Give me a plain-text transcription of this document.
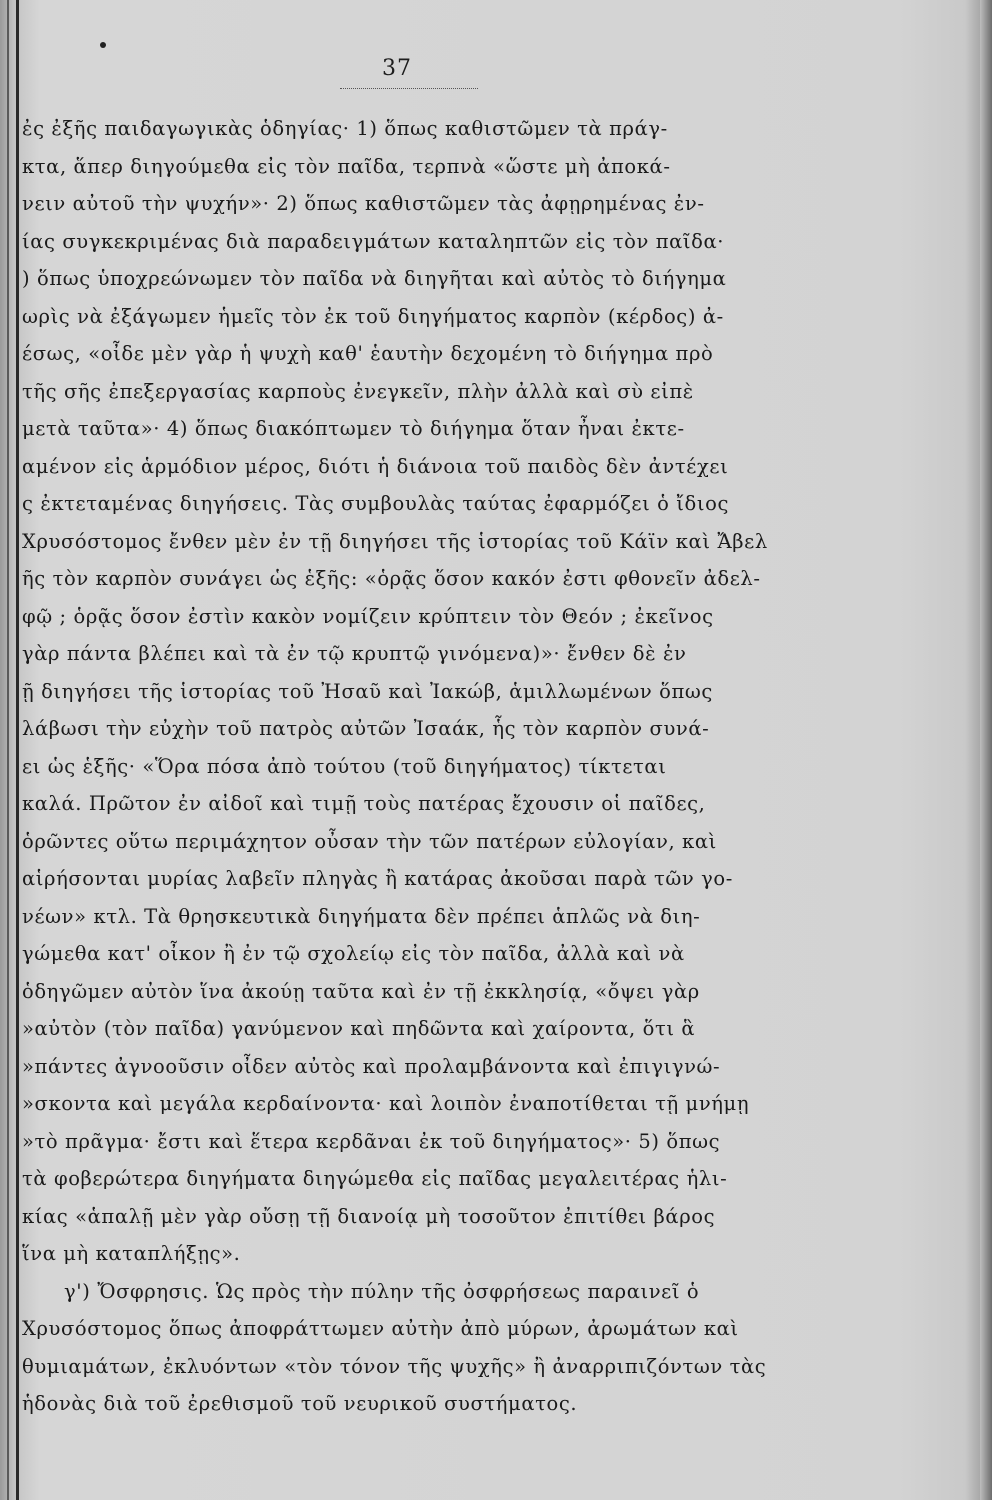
37
ἐς ἐξῆς παιδαγωγικὰς ὁδηγίας· 1) ὅπως καθιστῶμεν τὰ πράγ-
κτα, ἅπερ διηγούμεθα εἰς τὸν παῖδα, τερπνὰ «ὥστε μὴ ἀποκά-
νειν αὐτοῦ τὴν ψυχήν»· 2) ὅπως καθιστῶμεν τὰς ἀφῃρημένας ἐν-
ίας συγκεκριμένας διὰ παραδειγμάτων καταληπτῶν εἰς τὸν παῖδα·
) ὅπως ὑποχρεώνωμεν τὸν παῖδα νὰ διηγῆται καὶ αὐτὸς τὸ διήγημα
ωρὶς νὰ ἐξάγωμεν ἡμεῖς τὸν ἐκ τοῦ διηγήματος καρπὸν (κέρδος) ἀ-
έσως, «οἶδε μὲν γὰρ ἡ ψυχὴ καθ' ἑαυτὴν δεχομένη τὸ διήγημα πρὸ
τῆς σῆς ἐπεξεργασίας καρποὺς ἐνεγκεῖν, πλὴν ἀλλὰ καὶ σὺ εἰπὲ
μετὰ ταῦτα»· 4) ὅπως διακόπτωμεν τὸ διήγημα ὅταν ἦναι ἐκτε-
αμένον εἰς ἁρμόδιον μέρος, διότι ἡ διάνοια τοῦ παιδὸς δὲν ἀντέχει
ς ἐκτεταμένας διηγήσεις. Τὰς συμβουλὰς ταύτας ἐφαρμόζει ὁ ἴδιος
Χρυσόστομος ἔνθεν μὲν ἐν τῇ διηγήσει τῆς ἱστορίας τοῦ Κάϊν καὶ Ἄβελ
ῆς τὸν καρπὸν συνάγει ὡς ἑξῆς: «ὁρᾷς ὅσον κακόν ἐστι φθονεῖν ἀδελ-
φῷ ; ὁρᾷς ὅσον ἐστὶν κακὸν νομίζειν κρύπτειν τὸν Θεόν ; ἐκεῖνος
γὰρ πάντα βλέπει καὶ τὰ ἐν τῷ κρυπτῷ γινόμενα)»· ἔνθεν δὲ ἐν
ῇ διηγήσει τῆς ἱστορίας τοῦ Ἠσαῦ καὶ Ἰακώβ, ἁμιλλωμένων ὅπως
λάβωσι τὴν εὐχὴν τοῦ πατρὸς αὐτῶν Ἰσαάκ, ἧς τὸν καρπὸν συνά-
ει ὡς ἑξῆς· «Ὅρα πόσα ἀπὸ τούτου (τοῦ διηγήματος) τίκτεται
καλά. Πρῶτον ἐν αἰδοῖ καὶ τιμῇ τοὺς πατέρας ἔχουσιν οἱ παῖδες,
ὁρῶντες οὕτω περιμάχητον οὖσαν τὴν τῶν πατέρων εὐλογίαν, καὶ
αἱρήσονται μυρίας λαβεῖν πληγὰς ἢ κατάρας ἀκοῦσαι παρὰ τῶν γο-
νέων» κτλ. Τὰ θρησκευτικὰ διηγήματα δὲν πρέπει ἁπλῶς νὰ διη-
γώμεθα κατ' οἶκον ἢ ἐν τῷ σχολείῳ εἰς τὸν παῖδα, ἀλλὰ καὶ νὰ
ὁδηγῶμεν αὐτὸν ἵνα ἀκούῃ ταῦτα καὶ ἐν τῇ ἐκκλησίᾳ, «ὄψει γὰρ
»αὐτὸν (τὸν παῖδα) γανύμενον καὶ πηδῶντα καὶ χαίροντα, ὅτι ἃ
»πάντες ἀγνοοῦσιν οἶδεν αὐτὸς καὶ προλαμβάνοντα καὶ ἐπιγιγνώ-
»σκοντα καὶ μεγάλα κερδαίνοντα· καὶ λοιπὸν ἐναποτίθεται τῇ μνήμῃ
»τὸ πρᾶγμα· ἔστι καὶ ἕτερα κερδᾶναι ἐκ τοῦ διηγήματος»· 5) ὅπως
τὰ φοβερώτερα διηγήματα διηγώμεθα εἰς παῖδας μεγαλειτέρας ἡλι-
κίας «ἁπαλῇ μὲν γὰρ οὔσῃ τῇ διανοίᾳ μὴ τοσοῦτον ἐπιτίθει βάρος
ἵνα μὴ καταπλήξῃς».
γ') Ὄσφρησις. Ὡς πρὸς τὴν πύλην τῆς ὀσφρήσεως παραινεῖ ὁ
Χρυσόστομος ὅπως ἀποφράττωμεν αὐτὴν ἀπὸ μύρων, ἀρωμάτων καὶ
θυμιαμάτων, ἐκλυόντων «τὸν τόνον τῆς ψυχῆς» ἢ ἀναρριπιζόντων τὰς
ἡδονὰς διὰ τοῦ ἐρεθισμοῦ τοῦ νευρικοῦ συστήματος.
